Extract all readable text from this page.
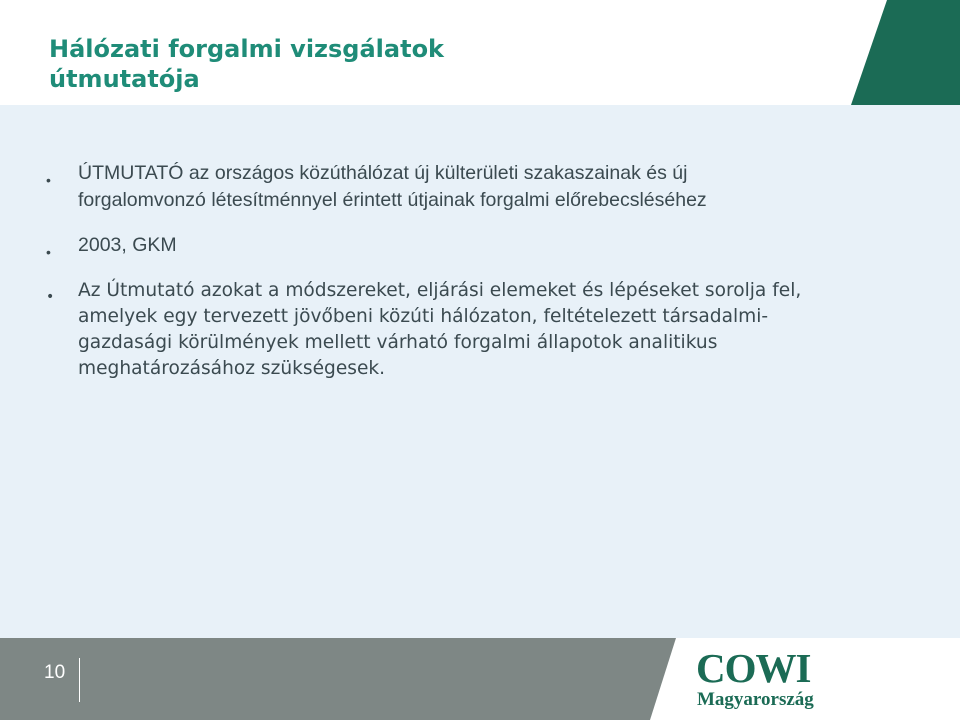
Hálózati forgalmi vizsgálatok
útmutatója
• ÚTMUTATÓ az országos közúthálózat új külterületi szakaszainak és új forgalomvonzó létesítménnyel érintett útjainak forgalmi előrebecsléséhez
• 2003, GKM
• Az Útmutató azokat a módszereket, eljárási elemeket és lépéseket sorolja fel, amelyek egy tervezett jövőbeni közúti hálózaton, feltételezett társadalmi-gazdasági körülmények mellett várható forgalmi állapotok analitikus meghatározásához szükségesek.
10	COWI
Magyarország
